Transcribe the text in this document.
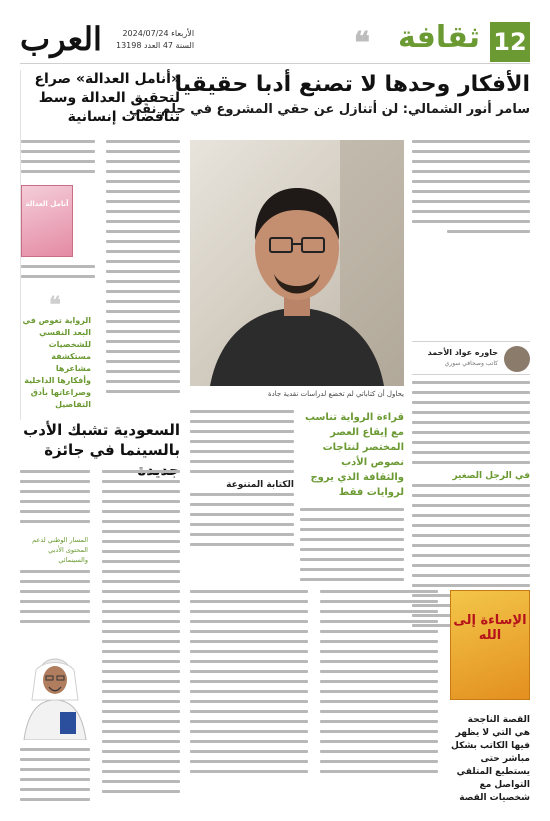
12
ثقافة
❝
العرب	الأربعاء 2024/07/24
السنة 47 العدد 13198
الأفكار وحدها لا تصنع أدبا حقيقيا
سامر أنور الشمالي: لن أتنازل عن حقي المشروع في حلم نقي
حاوره عواد الأحمد
كاتب وصحافي سوري
في الرجل الصغير
يحاول أن كتاباتي لم تخضع لدراسات نقدية جادة
قراءة الرواية تناسب مع إيقاع العصر المختصر لنتاجات نصوص الأدب والثقافة الذي يروج لروايات فقط
الكتابة المتنوعة
الإساءة إلى الله
القصة الناجحة هي التي لا يظهر فيها الكاتب بشكل مباشر حتى يستطيع المتلقي التواصل مع شخصيات القصة
«أنامل العدالة» صراع لتحقيق العدالة وسط تناقضات إنسانية
أنامل العدالة
❝
الرواية تغوص في البعد النفسي للشخصيات مستكشفة مشاعرها وأفكارها الداخلية وصراعاتها بأدق التفاصيل
السعودية تشبك الأدب بالسينما في جائزة
المسار الوطني لدعم المحتوى الأدبي والسينمائي
